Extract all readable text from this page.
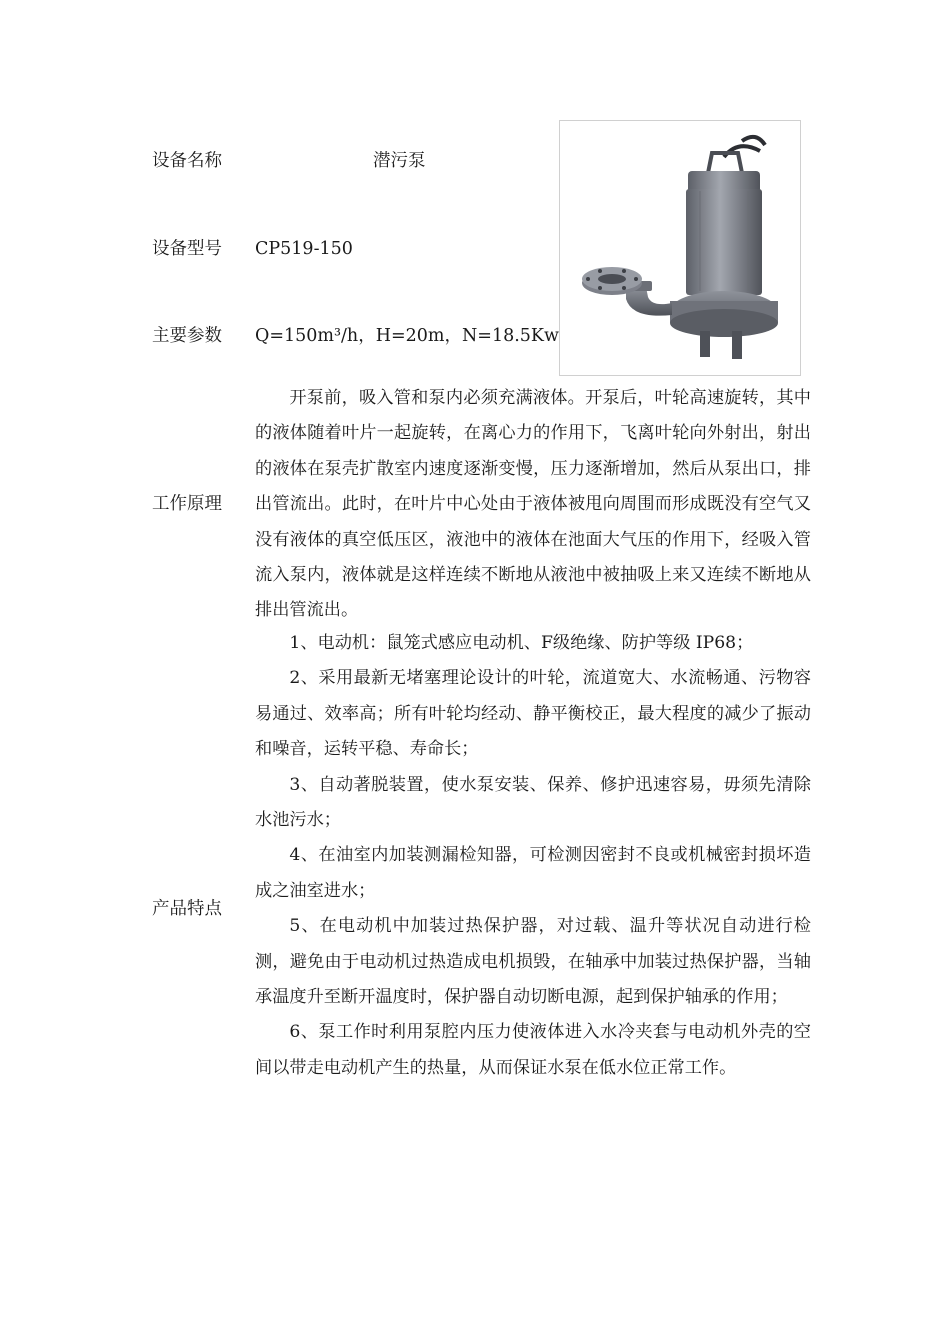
设备名称	潜污泵
设备型号 CP519-150
主要参数 Q=150m³/h，H=20m，N=18.5Kw
工作原理

开泵前，吸入管和泵内必须充满液体。开泵后，叶轮高速旋转，其中的液体随着叶片一起旋转，在离心力的作用下，飞离叶轮向外射出，射出的液体在泵壳扩散室内速度逐渐变慢，压力逐渐增加，然后从泵出口，排出管流出。此时，在叶片中心处由于液体被甩向周围而形成既没有空气又没有液体的真空低压区，液池中的液体在池面大气压的作用下，经吸入管流入泵内，液体就是这样连续不断地从液池中被抽吸上来又连续不断地从排出管流出。

产品特点

1、电动机：鼠笼式感应电动机、F级绝缘、防护等级 IP68；

2、采用最新无堵塞理论设计的叶轮，流道宽大、水流畅通、污物容易通过、效率高；所有叶轮均经动、静平衡校正，最大程度的减少了振动和噪音，运转平稳、寿命长；

3、自动著脱装置，使水泵安装、保养、修护迅速容易，毋须先清除水池污水；

4、在油室内加装测漏检知器，可检测因密封不良或机械密封损坏造成之油室进水；

5、在电动机中加装过热保护器，对过载、温升等状况自动进行检测，避免由于电动机过热造成电机损毁，在轴承中加装过热保护器，当轴承温度升至断开温度时，保护器自动切断电源，起到保护轴承的作用；

6、泵工作时利用泵腔内压力使液体进入水冷夹套与电动机外壳的空间以带走电动机产生的热量，从而保证水泵在低水位正常工作。
